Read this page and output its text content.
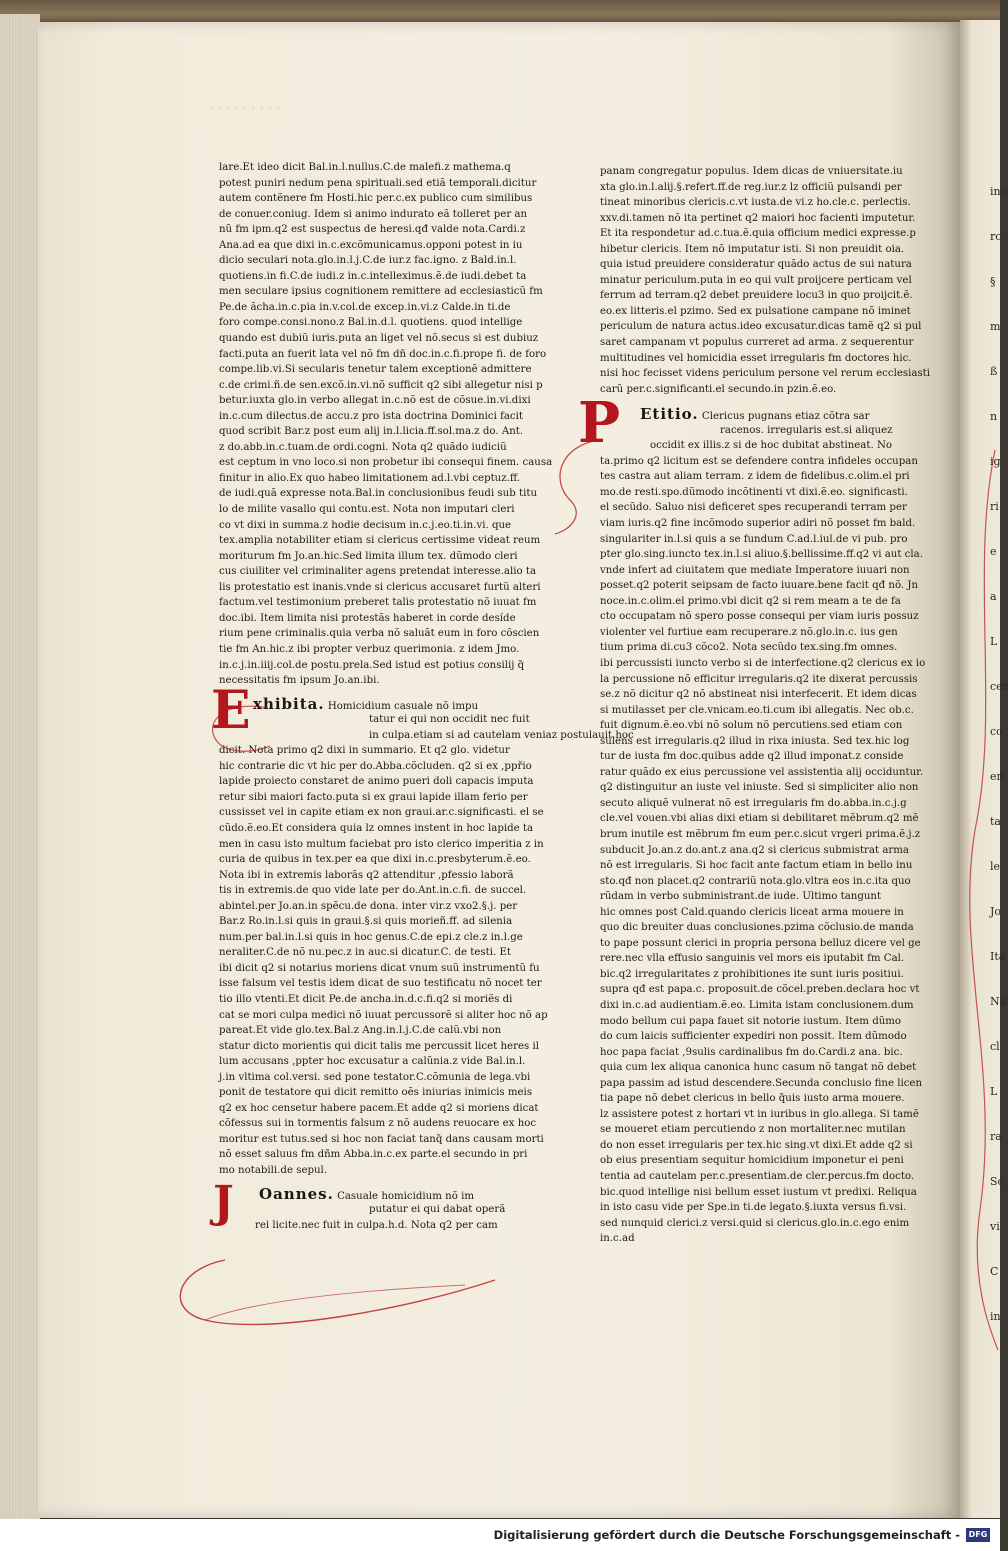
inc
rc
§
m
ß
n
ig
ri
e
a
L
cer
co
en
ta
le
Jo
Ita
Na
cl
L
ra
Sc
vi
C
in
lare.Et ideo dicit Bal.in.l.nullus.C.de malefi.z mathema.q
potest puniri nedum pena spirituali.sed etiã temporali.dicitur
autem contẽnere fm Hosti.hic per.c.ex publico cum similibus
de conuer.coniug. Idem si animo indurato eã tolleret per an
nũ fm ipm.q2 est suspectus de heresi.qđ valde nota.Cardi.z
Ana.ad ea que dixi in.c.excõmunicamus.opponi potest in iu
dicio seculari nota.glo.in.l.j.C.de iur.z fac.igno. z Bald.in.l.
quotiens.in fi.C.de iudi.z in.c.intelleximus.ẽ.de iudi.debet ta
men seculare ipsius cognitionem remittere ad ecclesiasticũ fm
Pe.de ãcha.in.c.pia in.v.col.de excep.in.vi.z Calde.in ti.de
foro compe.consi.nono.z Bal.in.d.l. quotiens. quod intellige
quando est dubiũ iuris.puta an liget vel nõ.secus si est dubiuz
facti.puta an fuerit lata vel nõ fm dñ doc.in.c.fi.prope fi. de foro
compe.lib.vi.Si secularis tenetur talem exceptionẽ admittere
c.de crimi.ñ.de sen.excõ.in.vi.nõ sufficit q2 sibi allegetur nisi p
betur.iuxta glo.in verbo allegat in.c.nõ est de cõsue.in.vi.dixi
in.c.cum dilectus.de accu.z pro ista doctrina Dominici facit
quod scribit Bar.z post eum alij in.l.licia.ff.sol.ma.z do. Ant.
z do.abb.in.c.tuam.de ordi.cogni. Nota q2 quãdo iudiciũ
est ceptum in vno loco.si non probetur ibi consequi finem. causa
finitur in alio.Ex quo habeo limitationem ad.l.vbi ceptuz.ff.
de iudi.quã expresse nota.Bal.in conclusionibus feudi sub titu
lo de milite vasallo qui contu.est. Nota non imputari cleri
co vt dixi in summa.z hodie decisum in.c.j.eo.ti.in.vi. que
tex.amplia notabiliter etiam si clericus certissime videat reum
moriturum fm Jo.an.hic.Sed limita illum tex. dũmodo cleri
cus ciuiliter vel criminaliter agens pretendat interesse.alio ta
lis protestatio est inanis.vnde si clericus accusaret furtũ alteri
factum.vel testimonium preberet talis protestatio nõ iuuat fm
doc.ibi. Item limita nisi protestãs haberet in corde desíde
rium pene criminalis.quia verba nõ saluãt eum in foro cõscien
tie fm An.hic.z ibi propter verbuz querimonia. z idem Jmo.
in.c.j.in.iiij.col.de postu.prela.Sed istud est potius consilij q̃
necessitatis fm ipsum Jo.an.ibi.
E xhibita. Homicidium casuale nõ impu
tatur ei qui non occidit nec fuit
in culpa.etiam si ad cautelam veniaz postulauit.hoc
dicit. Nota primo q2 dixi in summario. Et q2 glo. videtur
hic contrarie dic vt hic per do.Abba.cõcluden. q2 si ex ,ppřio
lapide proiecto constaret de animo pueri doli capacis imputa
retur sibi maiori facto.puta si ex graui lapide illam ferio per
cussisset vel in capite etiam ex non graui.ar.c.significasti. el se
cũdo.ẽ.eo.Et considera quia lz omnes instent in hoc lapide ta
men in casu isto multum faciebat pro isto clerico imperitia z in
curia de quibus in tex.per ea que dixi in.c.presbyterum.ẽ.eo.
Nota ibi in extremis laborãs q2 attenditur ,pfessio laborã
tis in extremis.de quo vide late per do.Ant.in.c.fi. de succel.
abintel.per Jo.an.in spẽcu.de dona. inter vir.z vxo2.§.j. per
Bar.z Ro.in.l.si quis in graui.§.si quis morieñ.ff. ad silenia
num.per bal.in.l.si quis in hoc genus.C.de epi.z cle.z in.l.ge
neraliter.C.de nõ nu.pec.z in auc.si dicatur.C. de testi. Et
ibi dicit q2 si notarius moriens dicat vnum suũ instrumentũ fu
isse falsum vel testis idem dicat de suo testificatu nõ nocet ter
tio illo vtenti.Et dicit Pe.de ancha.in.d.c.fi.q2 si moriẽs di
cat se mori culpa medici nõ iuuat percussorẽ si aliter hoc nõ ap
pareat.Et vide glo.tex.Bal.z Ang.in.l.j.C.de calũ.vbi non
statur dicto morientis qui dicit talis me percussit licet heres il
lum accusans ,ppter hoc excusatur a calũnia.z vide Bal.in.l.
j.in vltima col.versi. sed pone testator.C.cõmunia de lega.vbi
ponit de testatore qui dicit remitto oẽs iniurias inimicis meis
q2 ex hoc censetur habere pacem.Et adde q2 si moriens dicat
cõfessus sui in tormentis falsum z nõ audens reuocare ex hoc
moritur est tutus.sed si hoc non faciat tanq̃ dans causam morti
nõ esset saluus fm dñm Abba.in.c.ex parte.el secundo in pri
mo notabili.de sepul.
J	Oannes. Casuale homicidium nõ im
putatur ei qui dabat operã
rei licite.nec fuit in culpa.h.d. Nota q2 per cam
panam congregatur populus. Idem dicas de vniuersitate.iu
xta glo.in.l.alij.§.refert.ff.de reg.iur.z lz officiũ pulsandi per
tineat minoribus clericis.c.vt iusta.de vi.z ho.cle.c. perlectis.
xxv.di.tamen nõ ita pertinet q2 maiori hoc facienti imputetur.
Et ita respondetur ad.c.tua.ẽ.quia officium medici expresse.p
hibetur clericis. Item nõ imputatur isti. Si non preuidit oia.
quia istud preuidere consideratur quãdo actus de sui natura
minatur periculum.puta in eo qui vult proijcere perticam vel
ferrum ad terram.q2 debet preuidere locu3 in quo proijcit.ẽ.
eo.ex litteris.el pzimo. Sed ex pulsatione campane nõ iminet
periculum de natura actus.ideo excusatur.dicas tamẽ q2 si pul
saret campanam vt populus curreret ad arma. z sequerentur
multitudines vel homicidia esset irregularis fm doctores hic.
nisi hoc fecisset videns periculum persone vel rerum ecclesiasti
carũ per.c.significanti.el secundo.in pzin.ẽ.eo.
P	Etitio. Clericus pugnans etiaz cõtra sar
racenos. irregularis est.si aliquez
occidit ex illis.z si de hoc dubitat abstineat. No
ta.primo q2 licitum est se defendere contra infideles occupan
tes castra aut aliam terram. z idem de fidelibus.c.olim.el pri
mo.de resti.spo.dũmodo incõtinenti vt dixi.ẽ.eo. significasti.
el secũdo. Saluo nisi deficeret spes recuperandi terram per
viam iuris.q2 fine incõmodo superior adiri nõ posset fm bald.
singulariter in.l.si quis a se fundum C.ad.l.iul.de vi pub. pro
pter glo.sing.iuncto tex.in.l.si aliuo.§.bellissime.ff.q2 vi aut cla.
vnde infert ad ciuitatem que mediate Imperatore iuuari non
posset.q2 poterit seipsam de facto iuuare.bene facit qđ nõ. Jn
noce.in.c.olim.el primo.vbi dicit q2 si rem meam a te de fa
cto occupatam nõ spero posse consequi per viam iuris possuz
violenter vel furtiue eam recuperare.z nõ.glo.in.c. ius gen
tium prima di.cu3 cõco2. Nota secũdo tex.sing.fm omnes.
ibi percussisti iuncto verbo si de interfectione.q2 clericus ex io
la percussione nõ efficitur irregularis.q2 ite dixerat percussis
se.z nõ dicitur q2 nõ abstineat nisi interfecerit. Et idem dicas
si mutilasset per cle.vnicam.eo.ti.cum ibi allegatis. Nec ob.c.
fuit dignum.ẽ.eo.vbi nõ solum nõ percutiens.sed etiam con
sulens est irregularis.q2 illud in rixa iniusta. Sed tex.hic log
tur de iusta fm doc.quibus adde q2 illud imponat.z conside
ratur quãdo ex eius percussione vel assistentia alij occiduntur.
q2 distinguitur an iuste vel iniuste. Sed si simpliciter alio non
secuto aliquẽ vulnerat nõ est irregularis fm do.abba.in.c.j.g
cle.vel vouen.vbi alias dixi etiam si debilitaret mẽbrum.q2 mẽ
brum inutile est mẽbrum fm eum per.c.sicut vrgeri prima.ẽ.j.z
subducit Jo.an.z do.ant.z ana.q2 si clericus submistrat arma
nõ est irregularis. Si hoc facit ante factum etiam in bello inu
sto.qđ non placet.q2 contrariũ nota.glo.vltra eos in.c.ita quo
rũdam in verbo subministrant.de iude. Ultimo tangunt
hic omnes post Cald.quando clericis liceat arma mouere in
quo dic breuiter duas conclusiones.pzima cõclusio.de manda
to pape possunt clerici in propria persona belluz dicere vel ge
rere.nec vlla effusio sanguinis vel mors eis iputabit fm Cal.
bic.q2 irregularitates z prohibitiones ite sunt iuris positiui.
supra qđ est papa.c. proposuit.de cõcel.preben.declara hoc vt
dixi in.c.ad audientiam.ẽ.eo. Limita istam conclusionem.dum
modo bellum cui papa fauet sit notorie iustum. Item dũmo
do cum laicis sufficienter expediri non possit. Item dũmodo
hoc papa faciat ,9sulis cardinalibus fm do.Cardi.z ana. bic.
quia cum lex aliqua canonica hunc casum nõ tangat nõ debet
papa passim ad istud descendere.Secunda conclusio fine licen
tia pape nõ debet clericus in bello q̃uis iusto arma mouere.
lz assistere potest z hortari vt in iuribus in glo.allega. Si tamẽ
se moueret etiam percutiendo z non mortaliter.nec mutilan
do non esset irregularis per tex.hic sing.vt dixi.Et adde q2 si
ob eius presentiam sequitur homicidium imponetur ei peni
tentia ad cautelam per.c.presentiam.de cler.percus.fm docto.
bic.quod intellige nisi bellum esset iustum vt predixi. Reliqua
in isto casu vide per Spe.in ti.de legato.§.iuxta versus fi.vsi.
sed nunquid clerici.z versi.quid si clericus.glo.in.c.ego enim
in.c.ad
· · · · · · · · ·
Digitalisierung gefördert durch die Deutsche Forschungsgemeinschaft -	DFG
